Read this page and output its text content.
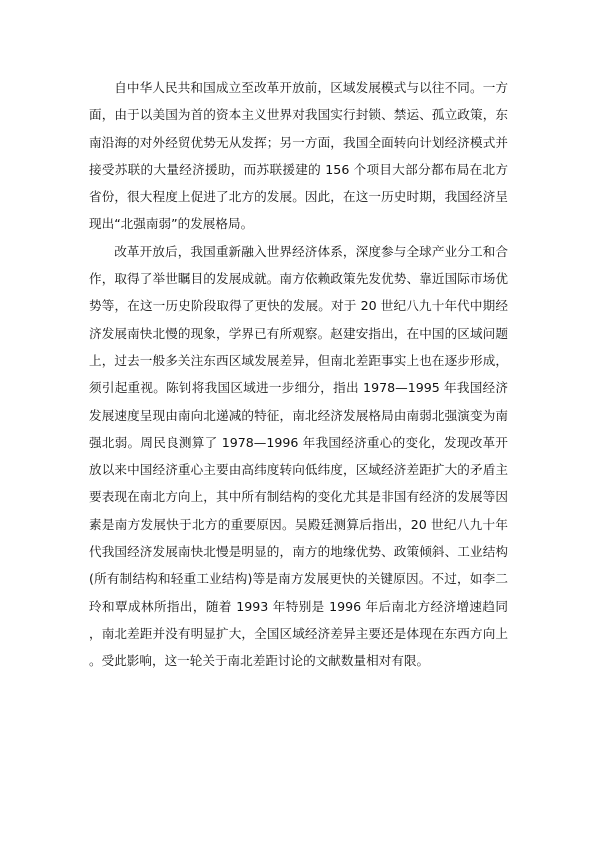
自中华人民共和国成立至改革开放前，区域发展模式与以往不同。一方面，由于以美国为首的资本主义世界对我国实行封锁、禁运、孤立政策，东南沿海的对外经贸优势无从发挥；另一方面，我国全面转向计划经济模式并接受苏联的大量经济援助，而苏联援建的 156 个项目大部分都布局在北方省份，很大程度上促进了北方的发展。因此，在这一历史时期，我国经济呈现出“北强南弱”的发展格局。

改革开放后，我国重新融入世界经济体系，深度参与全球产业分工和合作，取得了举世瞩目的发展成就。南方依赖政策先发优势、靠近国际市场优势等，在这一历史阶段取得了更快的发展。对于 20 世纪八九十年代中期经济发展南快北慢的现象，学界已有所观察。赵建安指出，在中国的区域问题上，过去一般多关注东西区域发展差异，但南北差距事实上也在逐步形成，须引起重视。陈钊将我国区域进一步细分，指出 1978—1995 年我国经济发展速度呈现由南向北递减的特征，南北经济发展格局由南弱北强演变为南强北弱。周民良测算了 1978—1996 年我国经济重心的变化，发现改革开放以来中国经济重心主要由高纬度转向低纬度，区域经济差距扩大的矛盾主要表现在南北方向上，其中所有制结构的变化尤其是非国有经济的发展等因素是南方发展快于北方的重要原因。吴殿廷测算后指出，20 世纪八九十年代我国经济发展南快北慢是明显的，南方的地缘优势、政策倾斜、工业结构(所有制结构和轻重工业结构)等是南方发展更快的关键原因。不过，如李二玲和覃成林所指出，随着 1993 年特别是 1996 年后南北方经济增速趋同，南北差距并没有明显扩大，全国区域经济差异主要还是体现在东西方向上。受此影响，这一轮关于南北差距讨论的文献数量相对有限。
